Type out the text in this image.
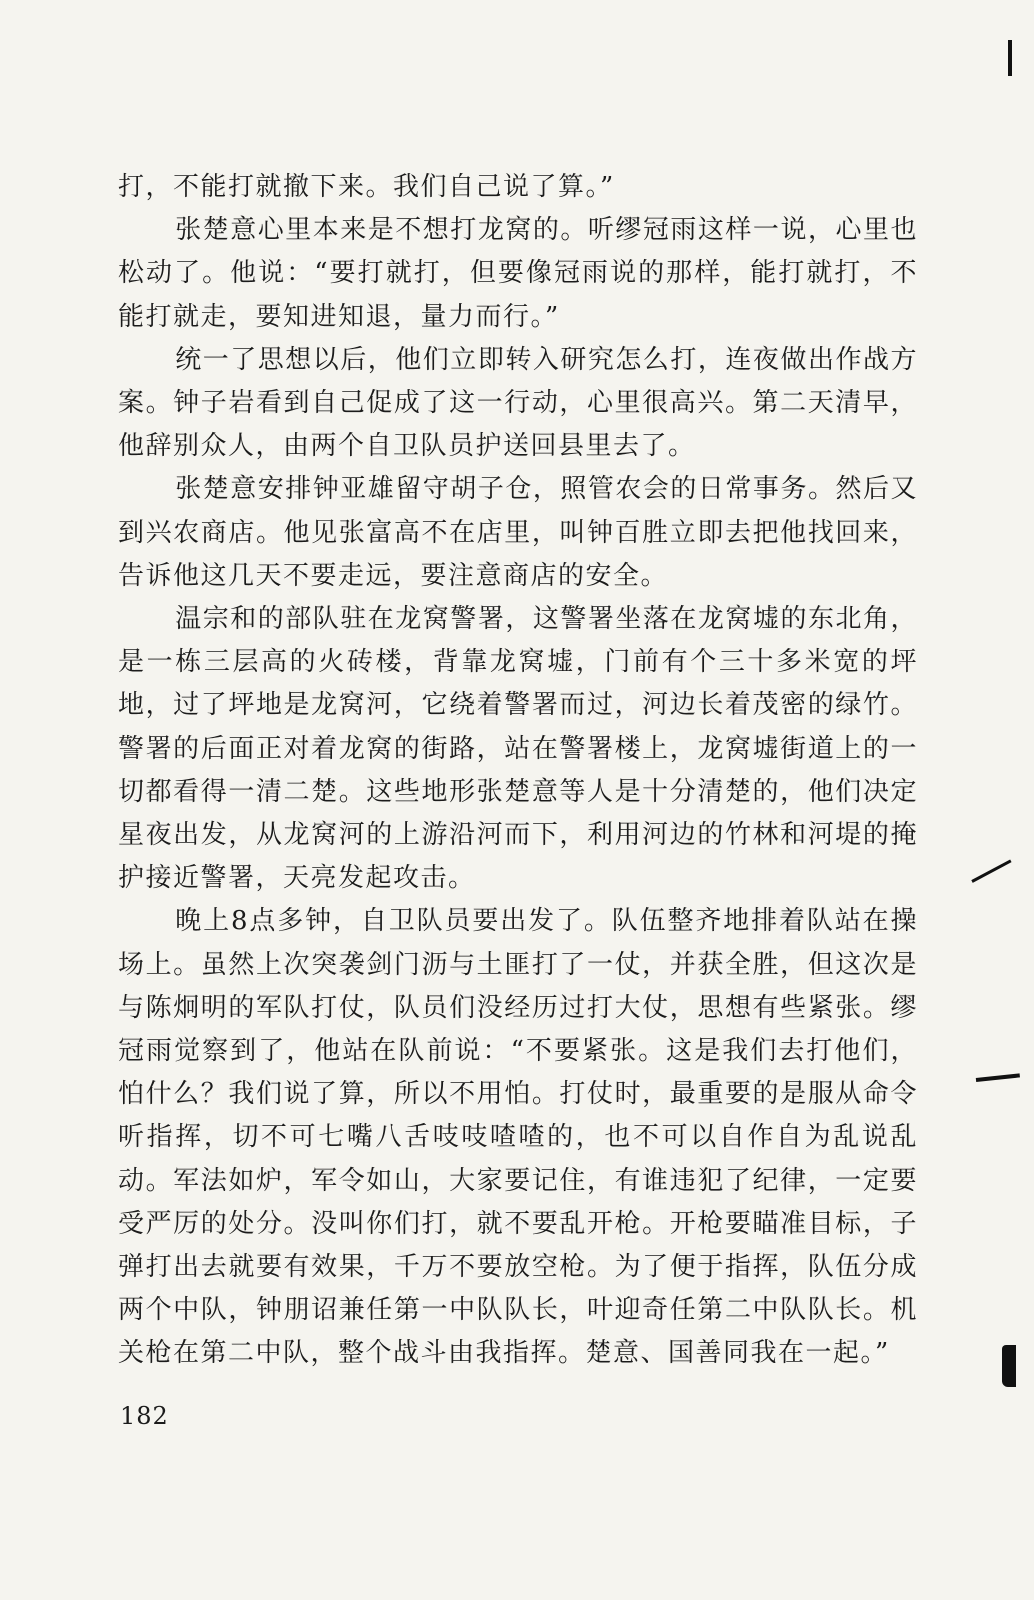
打，不能打就撤下来。我们自己说了算。”

张楚意心里本来是不想打龙窝的。听缪冠雨这样一说，心里也松动了。他说：“要打就打，但要像冠雨说的那样，能打就打，不能打就走，要知进知退，量力而行。”

统一了思想以后，他们立即转入研究怎么打，连夜做出作战方案。钟子岩看到自己促成了这一行动，心里很高兴。第二天清早，他辞别众人，由两个自卫队员护送回县里去了。

张楚意安排钟亚雄留守胡子仓，照管农会的日常事务。然后又到兴农商店。他见张富高不在店里，叫钟百胜立即去把他找回来，告诉他这几天不要走远，要注意商店的安全。

温宗和的部队驻在龙窝警署，这警署坐落在龙窝墟的东北角，是一栋三层高的火砖楼，背靠龙窝墟，门前有个三十多米宽的坪地，过了坪地是龙窝河，它绕着警署而过，河边长着茂密的绿竹。警署的后面正对着龙窝的街路，站在警署楼上，龙窝墟街道上的一切都看得一清二楚。这些地形张楚意等人是十分清楚的，他们决定星夜出发，从龙窝河的上游沿河而下，利用河边的竹林和河堤的掩护接近警署，天亮发起攻击。

晚上8点多钟，自卫队员要出发了。队伍整齐地排着队站在操场上。虽然上次突袭剑门沥与土匪打了一仗，并获全胜，但这次是与陈炯明的军队打仗，队员们没经历过打大仗，思想有些紧张。缪冠雨觉察到了，他站在队前说：“不要紧张。这是我们去打他们，怕什么？我们说了算，所以不用怕。打仗时，最重要的是服从命令听指挥，切不可七嘴八舌吱吱喳喳的，也不可以自作自为乱说乱动。军法如炉，军令如山，大家要记住，有谁违犯了纪律，一定要受严厉的处分。没叫你们打，就不要乱开枪。开枪要瞄准目标，子弹打出去就要有效果，千万不要放空枪。为了便于指挥，队伍分成两个中队，钟朋诏兼任第一中队队长，叶迎奇任第二中队队长。机关枪在第二中队，整个战斗由我指挥。楚意、国善同我在一起。”

182
